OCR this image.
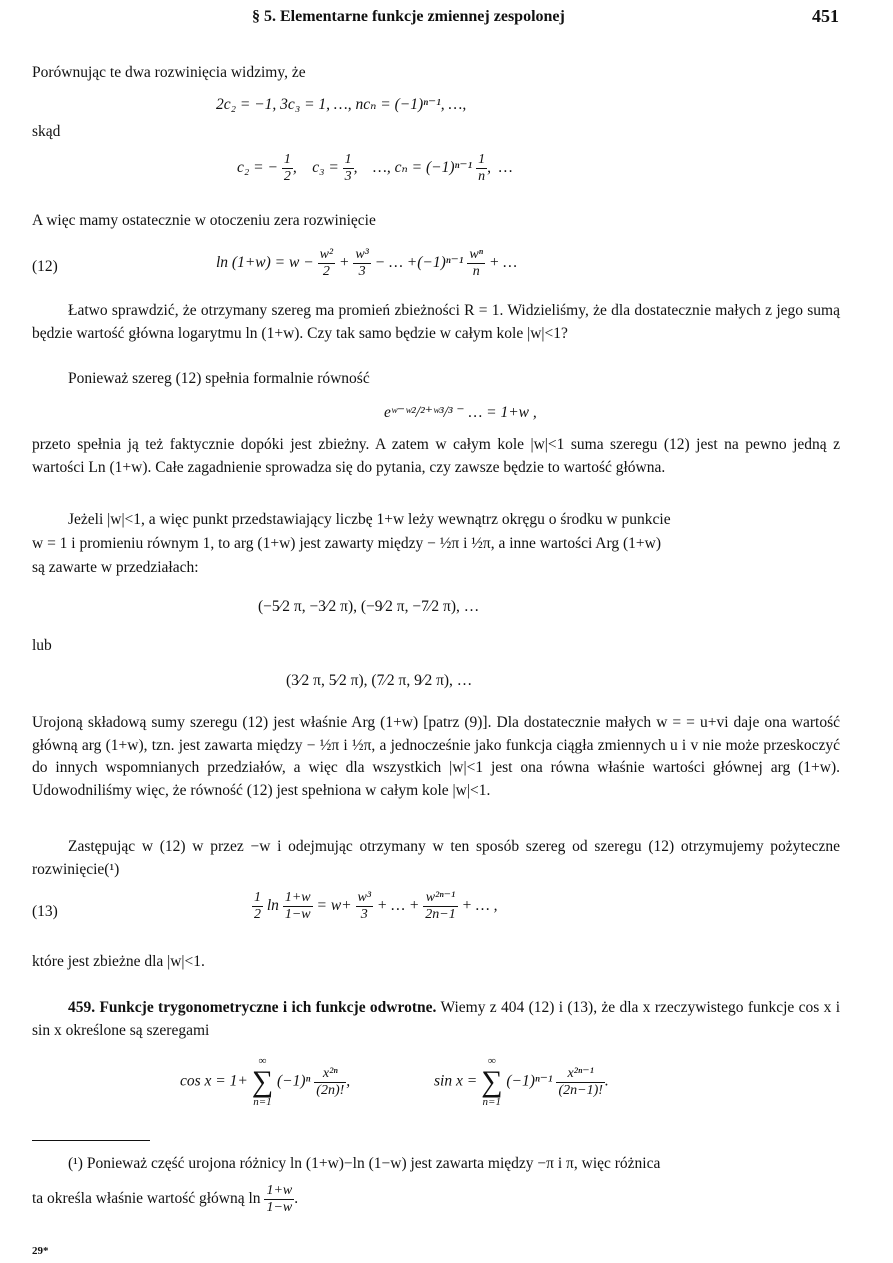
§ 5. Elementarne funkcje zmiennej zespolonej	451
Porównując te dwa rozwinięcia widzimy, że
2c₂ = −1, 3c₃ = 1, …, ncₙ = (−1)ⁿ⁻¹, …,
skąd
c₂ = − $\frac{1}{2}$ ,    $c_3 = \frac{1}{3}$ ,    …, $c_n = (-1)^{n-1} \frac{1}{n}$ ,  …
A więc mamy ostatecznie w otoczeniu zera rozwinięcie
(12)	$\ln (1+w) = w - \frac{\text{w²}}{2} + \frac{\text{w³}}{3}$ − … $+(-1)^{n-1} \frac{\text{wⁿ}}{n}$ + …
Łatwo sprawdzić, że otrzymany szereg ma promień zbieżności R = 1. Widzieliśmy, że dla dostatecznie małych z jego sumą będzie wartość główna logarytmu ln (1+w). Czy tak samo będzie w całym kole |w|<1?
Ponieważ szereg (12) spełnia formalnie równość
eʷ⁻ʷ²/²⁺ʷ³/³ ⁻ … = 1+w ,
przeto spełnia ją też faktycznie dopóki jest zbieżny. A zatem w całym kole |w|<1 suma szeregu (12) jest na pewno jedną z wartości Ln (1+w). Całe zagadnienie sprowadza się do pytania, czy zawsze będzie to wartość główna.
Jeżeli |w|<1, a więc punkt przedstawiający liczbę 1+w leży wewnątrz okręgu o środku w punkcie
w = 1 i promieniu równym 1, to arg (1+w) jest zawarty między − ½π i ½π, a inne wartości Arg (1+w)
są zawarte w przedziałach:
(−5⁄2 π, −3⁄2 π), (−9⁄2 π, −7⁄2 π), …
lub
(3⁄2 π, 5⁄2 π), (7⁄2 π, 9⁄2 π), …
Urojoną składową sumy szeregu (12) jest właśnie Arg (1+w) [patrz (9)]. Dla dostatecznie małych w = = u+vi daje ona wartość główną arg (1+w), tzn. jest zawarta między − ½π i ½π, a jednocześnie jako funkcja ciągła zmiennych u i v nie może przeskoczyć do innych wspomnianych przedziałów, a więc dla wszystkich |w|<1 jest ona równa właśnie wartości głównej arg (1+w). Udowodniliśmy więc, że równość (12) jest spełniona w całym kole |w|<1.
Zastępując w (12) w przez −w i odejmując otrzymany w ten sposób szereg od szeregu (12) otrzymujemy pożyteczne rozwinięcie(¹)
(13)	$\frac{1}{2}$ $\ln \frac{1+w}{1-w} = w+ \frac{\text{w³}}{3}$ + … + $\frac{\text{w²ⁿ⁻¹}}{2n-1}$ + … ,
które jest zbieżne dla |w|<1.
459. Funkcje trygonometryczne i ich funkcje odwrotne. Wiemy z 404 (12) i (13), że dla x rzeczywistego funkcje cos x i sin x określone są szeregami
cos x = 1+ ∞
∑
n=1 $(-1)^n \frac{\text{x²ⁿ}}{(2n)!}$ ,	sin x = ∞
∑
n=1 $(-1)^{n-1} \frac{\text{x²ⁿ⁻¹}}{(2n-1)!}$ .
(¹) Ponieważ część urojona różnicy ln (1+w)−ln (1−w) jest zawarta między −π i π, więc różnica
ta określa właśnie wartość główną $\ln \frac{1+w}{1-w}$ .
29*
